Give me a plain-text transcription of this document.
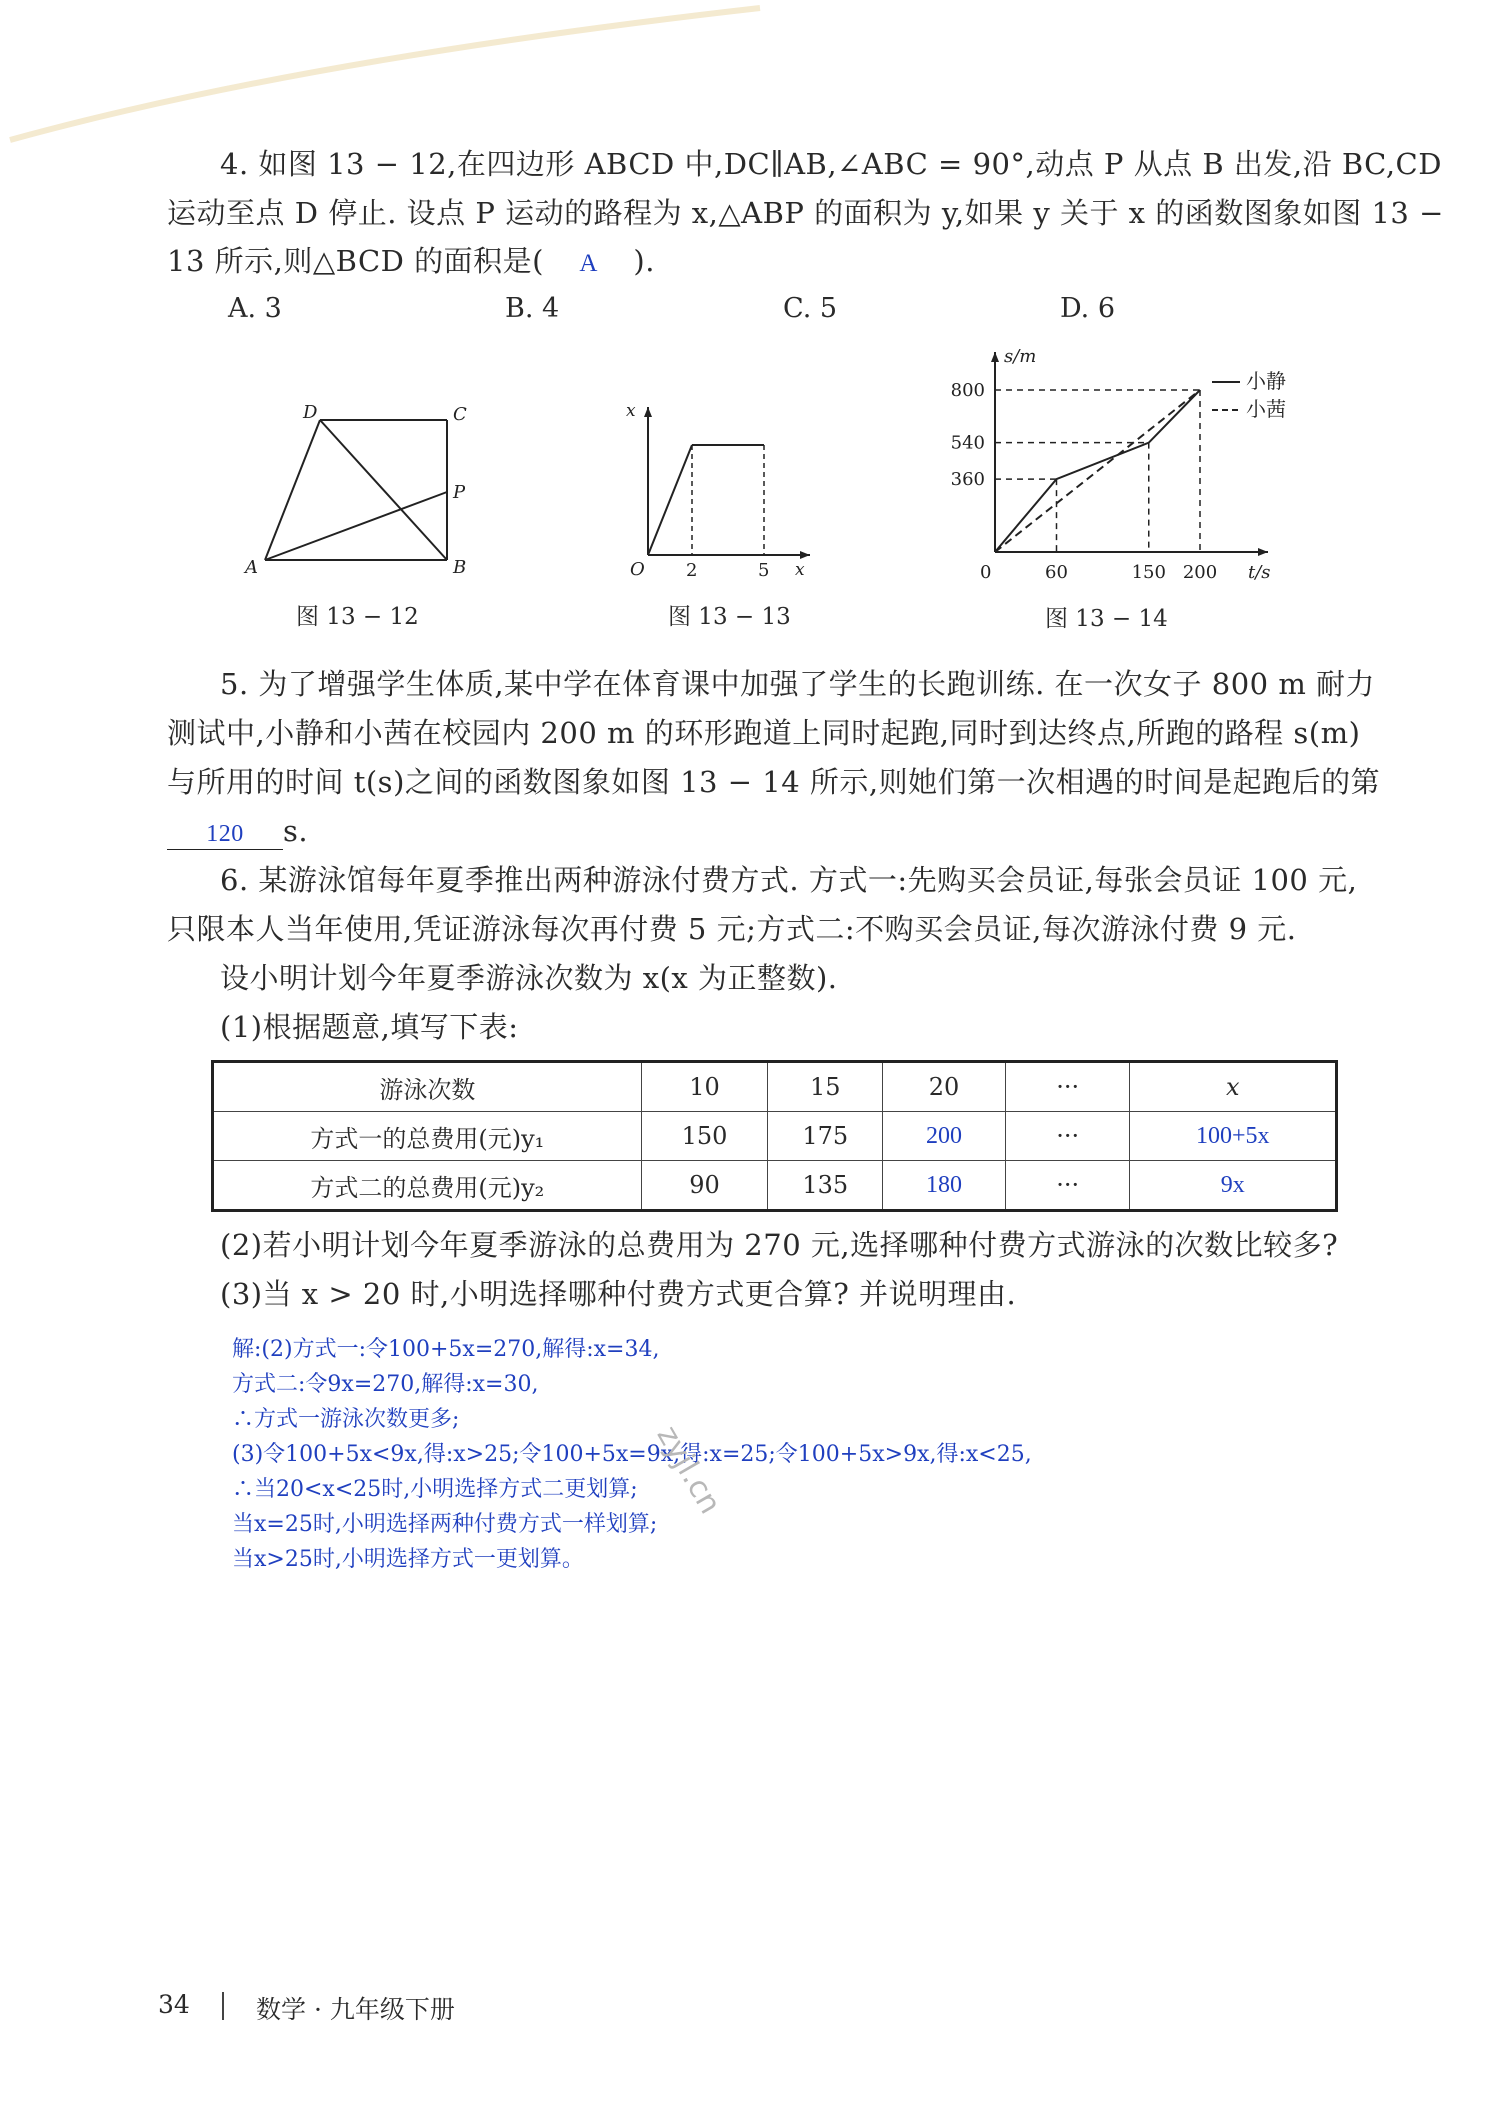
4. 如图 13 − 12,在四边形 ABCD 中,DC∥AB,∠ABC = 90°,动点 P 从点 B 出发,沿 BC,CD
运动至点 D 停止. 设点 P 运动的路程为 x,△ABP 的面积为 y,如果 y 关于 x 的函数图象如图 13 −
13 所示,则△BCD 的面积是( A ).
A. 3	B. 4	C. 5	D. 6
A	B
C
D
P
图 13 − 12
x
O 2	5 x
图 13 − 13
s/m
t/s
0
360
540
800
60	150 200
小静
小茜
图 13 − 14
5. 为了增强学生体质,某中学在体育课中加强了学生的长跑训练. 在一次女子 800 m 耐力
测试中,小静和小茜在校园内 200 m 的环形跑道上同时起跑,同时到达终点,所跑的路程 s(m)
与所用的时间 t(s)之间的函数图象如图 13 − 14 所示,则她们第一次相遇的时间是起跑后的第
120 s.
6. 某游泳馆每年夏季推出两种游泳付费方式. 方式一:先购买会员证,每张会员证 100 元,
只限本人当年使用,凭证游泳每次再付费 5 元;方式二:不购买会员证,每次游泳付费 9 元.
设小明计划今年夏季游泳次数为 x(x 为正整数).
(1)根据题意,填写下表:
游泳次数	10	15	20	···	x
方式一的总费用(元)y₁	150	175	200	···	100+5x
方式二的总费用(元)y₂	90	135	180	···	9x
(2)若小明计划今年夏季游泳的总费用为 270 元,选择哪种付费方式游泳的次数比较多?
(3)当 x > 20 时,小明选择哪种付费方式更合算? 并说明理由.
解:(2)方式一:令100+5x=270,解得:x=34,
方式二:令9x=270,解得:x=30,
∴方式一游泳次数更多;
(3)令100+5x<9x,得:x>25;令100+5x=9x,得:x=25;令100+5x>9x,得:x<25,
∴当20<x<25时,小明选择方式二更划算;
当x=25时,小明选择两种付费方式一样划算;
当x>25时,小明选择方式一更划算。
zyjl.cn
34	数学 · 九年级下册
